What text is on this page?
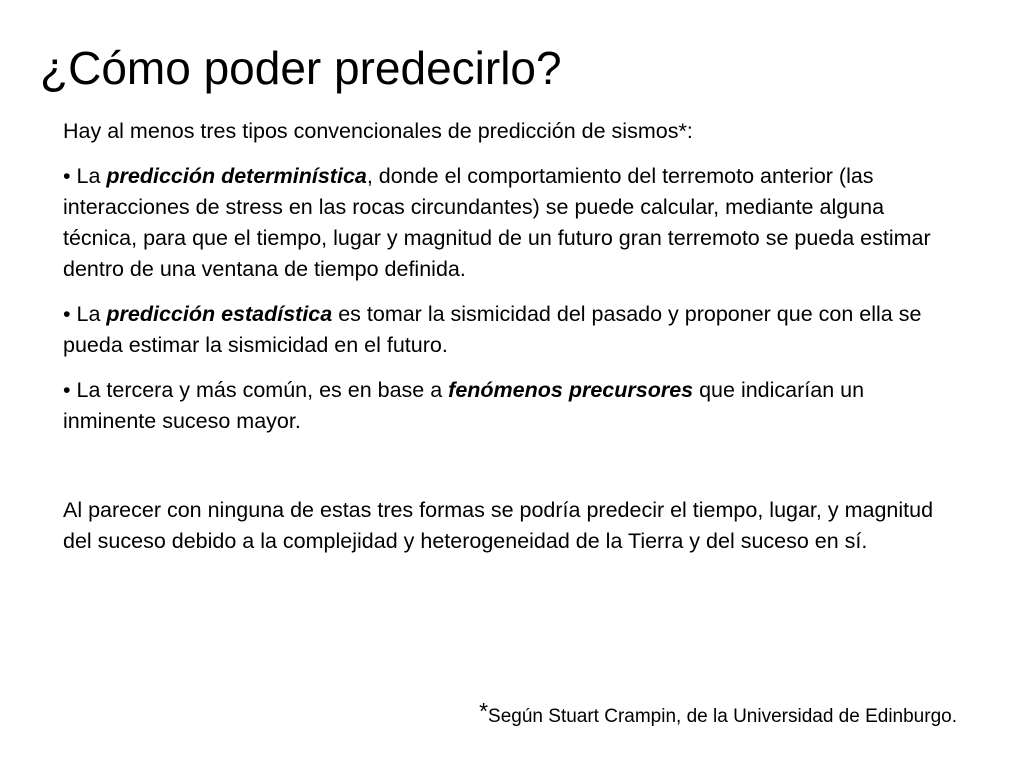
¿Cómo poder predecirlo?

Hay al menos tres tipos convencionales de predicción de sismos*:

• La predicción determinística, donde el comportamiento del terremoto anterior (las interacciones de stress en las rocas circundantes) se puede calcular, mediante alguna técnica, para que el tiempo, lugar y magnitud de un futuro gran terremoto se pueda estimar dentro de una ventana de tiempo definida.

• La predicción estadística es tomar la sismicidad del pasado y proponer que con ella se pueda estimar la sismicidad en el futuro.

• La tercera y más común, es en base a fenómenos precursores que indicarían un inminente suceso mayor.

Al parecer con ninguna de estas tres formas se podría predecir el tiempo, lugar, y magnitud del suceso debido a la complejidad y heterogeneidad de la Tierra y del suceso en sí.

*Según Stuart Crampin, de la Universidad de Edinburgo.
